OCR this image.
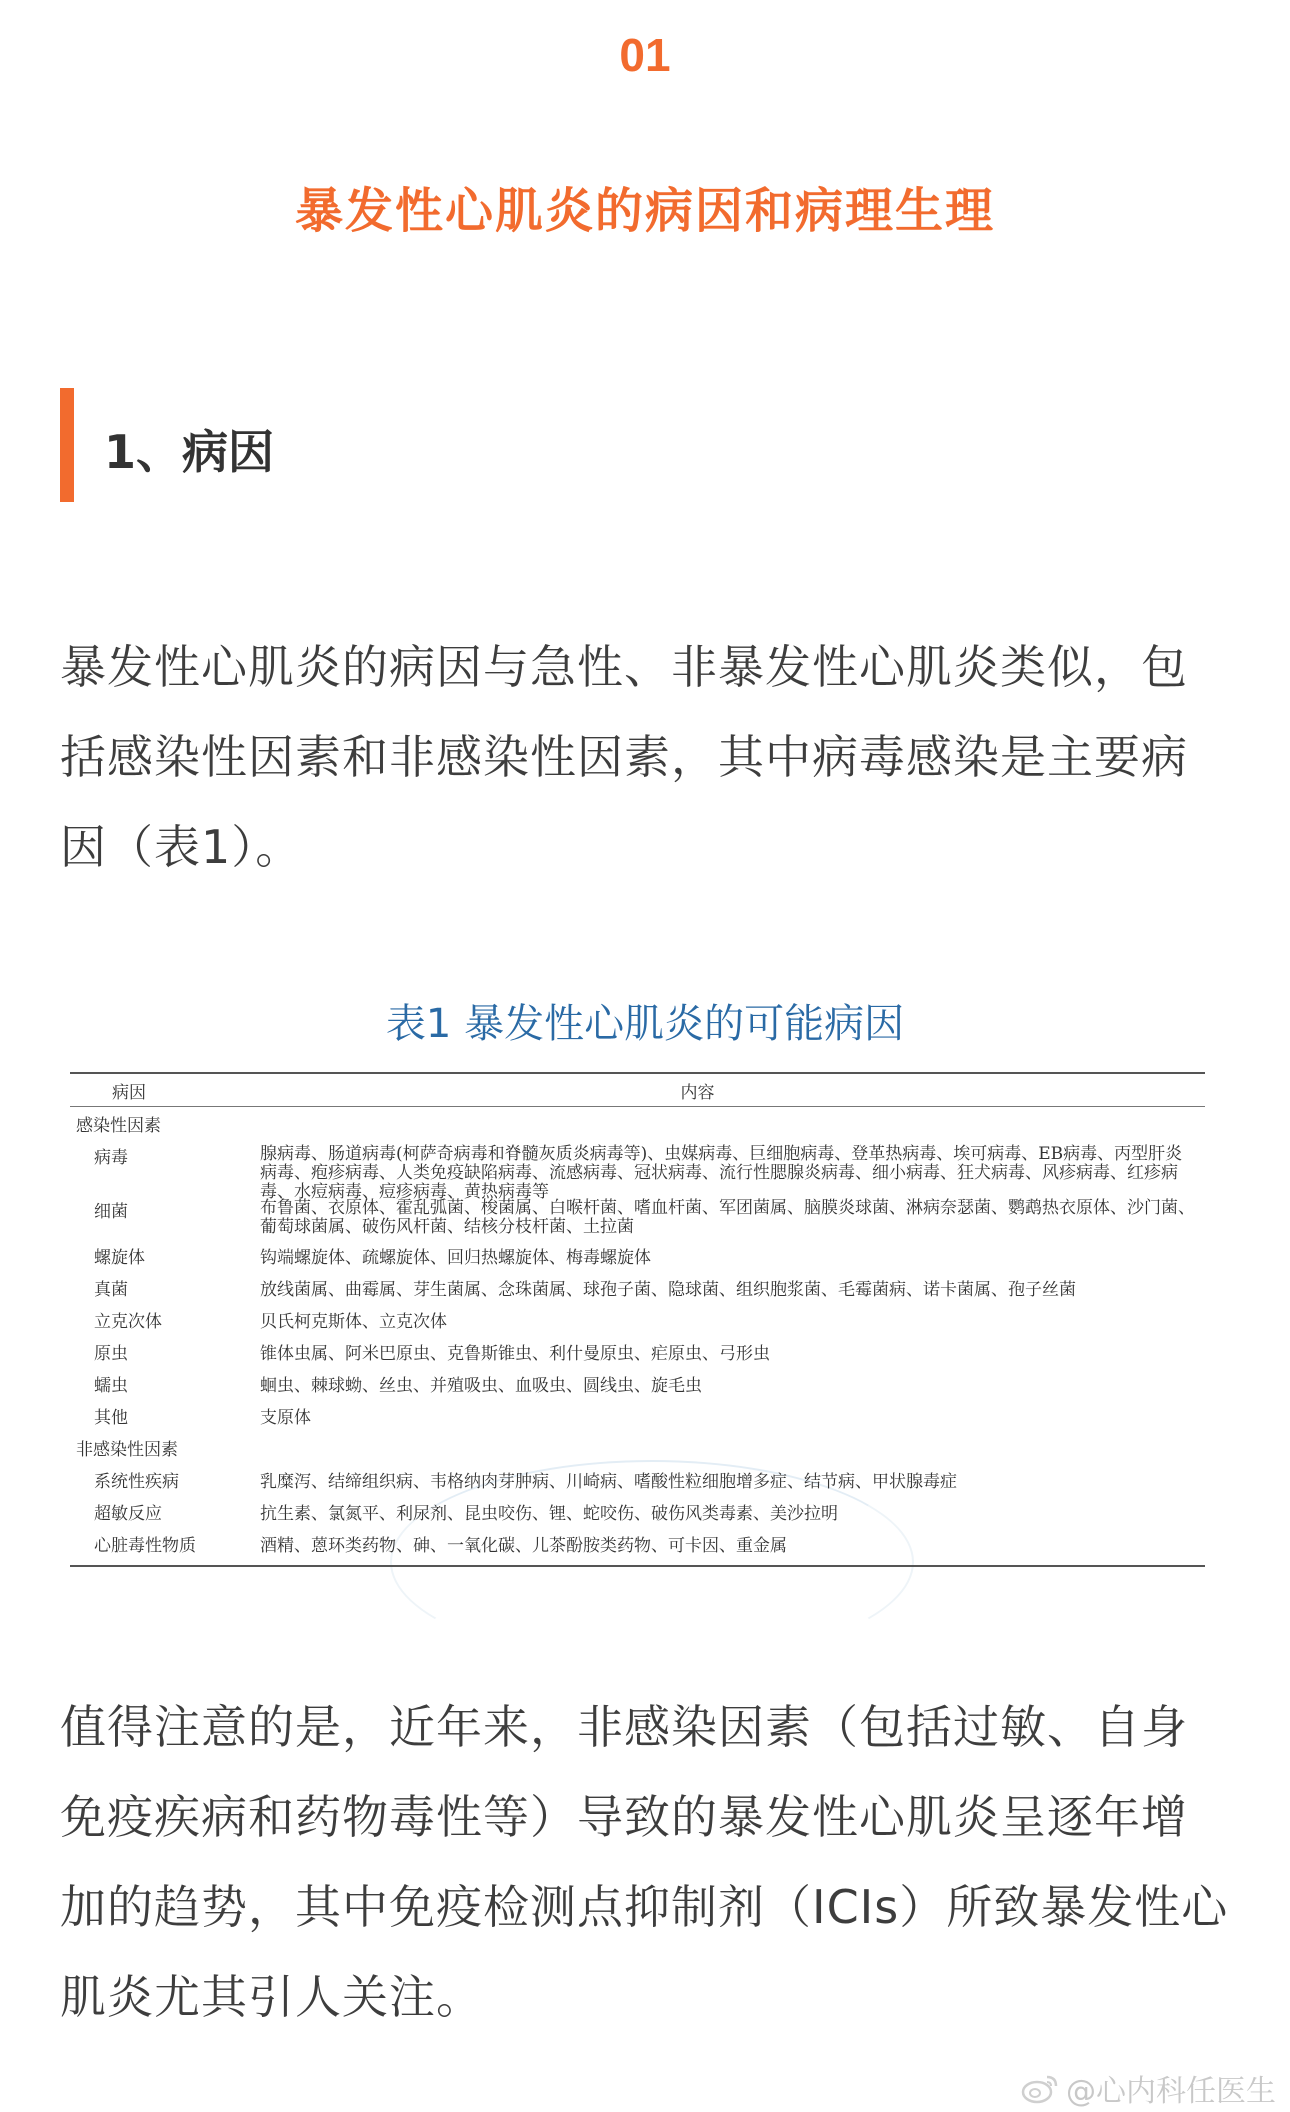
01
暴发性心肌炎的病因和病理生理
1、病因

暴发性心肌炎的病因与急性、非暴发性心肌炎类似，包括感染性因素和非感染性因素，其中病毒感染是主要病因（表1）。

表1 暴发性心肌炎的可能病因
病因	内容
感染性因素
病毒	腺病毒、肠道病毒(柯萨奇病毒和脊髓灰质炎病毒等)、虫媒病毒、巨细胞病毒、登革热病毒、埃可病毒、EB病毒、丙型肝炎病毒、疱疹病毒、人类免疫缺陷病毒、流感病毒、冠状病毒、流行性腮腺炎病毒、细小病毒、狂犬病毒、风疹病毒、红疹病毒、水痘病毒、痘疹病毒、黄热病毒等
细菌	布鲁菌、衣原体、霍乱弧菌、梭菌属、白喉杆菌、嗜血杆菌、军团菌属、脑膜炎球菌、淋病奈瑟菌、鹦鹉热衣原体、沙门菌、葡萄球菌属、破伤风杆菌、结核分枝杆菌、土拉菌
螺旋体	钩端螺旋体、疏螺旋体、回归热螺旋体、梅毒螺旋体
真菌	放线菌属、曲霉属、芽生菌属、念珠菌属、球孢子菌、隐球菌、组织胞浆菌、毛霉菌病、诺卡菌属、孢子丝菌
立克次体	贝氏柯克斯体、立克次体
原虫	锥体虫属、阿米巴原虫、克鲁斯锥虫、利什曼原虫、疟原虫、弓形虫
蠕虫	蛔虫、棘球蚴、丝虫、并殖吸虫、血吸虫、圆线虫、旋毛虫
其他	支原体
非感染性因素
系统性疾病	乳糜泻、结缔组织病、韦格纳肉芽肿病、川崎病、嗜酸性粒细胞增多症、结节病、甲状腺毒症
超敏反应	抗生素、氯氮平、利尿剂、昆虫咬伤、锂、蛇咬伤、破伤风类毒素、美沙拉明
心脏毒性物质	酒精、蒽环类药物、砷、一氧化碳、儿茶酚胺类药物、可卡因、重金属

值得注意的是，近年来，非感染因素（包括过敏、自身免疫疾病和药物毒性等）导致的暴发性心肌炎呈逐年增加的趋势，其中免疫检测点抑制剂（ICIs）所致暴发性心肌炎尤其引人关注。

@心内科任医生
